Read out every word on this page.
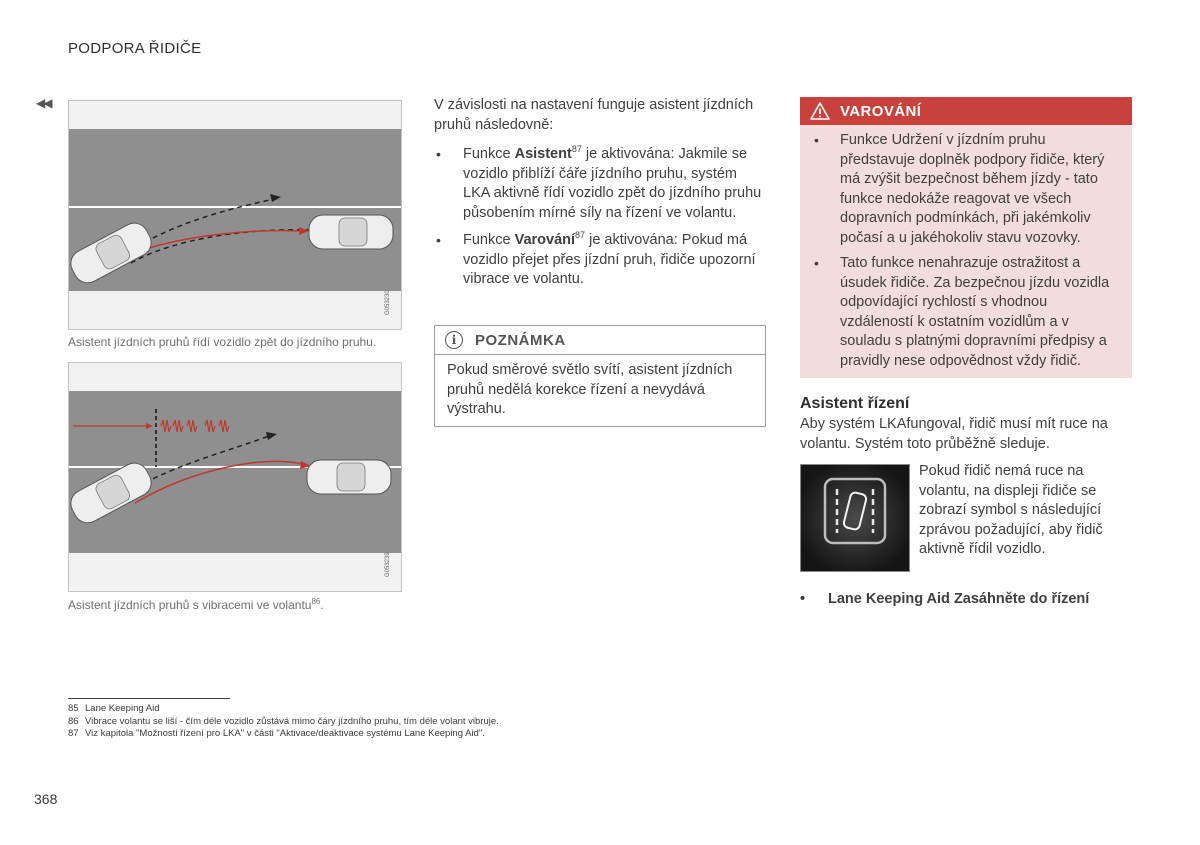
◀◀
PODPORA ŘIDIČE
G053230
Asistent jízdních pruhů řídí vozidlo zpět do jízdního pruhu.
G053239
Asistent jízdních pruhů s vibracemi ve volantu$^{86}$.

V závislosti na nastavení funguje asistent jízdních pruhů následovně:

• Funkce Asistent$^{87}$ je aktivována: Jakmile se vozidlo přiblíží čáře jízdního pruhu, systém LKA aktivně řídí vozidlo zpět do jízdního pruhu působením mírné síly na řízení ve volantu.
• Funkce Varování$^{87}$ je aktivována: Pokud má vozidlo přejet přes jízdní pruh, řidiče upozorní vibrace ve volantu.
i	POZNÁMKA
Pokud směrové světlo svítí, asistent jízdních pruhů nedělá korekce řízení a nevydává výstrahu.
VAROVÁNÍ
• Funkce Udržení v jízdním pruhu představuje doplněk podpory řidiče, který má zvýšit bezpečnost během jízdy - tato funkce nedokáže reagovat ve všech dopravních podmínkách, při jakémkoliv počasí a u jakéhokoliv stavu vozovky.
• Tato funkce nenahrazuje ostražitost a úsudek řidiče. Za bezpečnou jízdu vozidla odpovídající rychlostí s vhodnou vzdáleností k ostatním vozidlům a v souladu s platnými dopravními předpisy a pravidly nese odpovědnost vždy řidič.
Asistent řízení
Aby systém LKAfungoval, řidič musí mít ruce na volantu. Systém toto průběžně sleduje.
Pokud řidič nemá ruce na volantu, na displeji řidiče se zobrazí symbol s následující zprávou požadující, aby řidič aktivně řídil vozidlo.
• Lane Keeping Aid Zasáhněte do řízení
85 Lane Keeping Aid
86 Vibrace volantu se liší - čím déle vozidlo zůstává mimo čáry jízdního pruhu, tím déle volant vibruje.
87 Viz kapitola "Možnosti řízení pro LKA" v části "Aktivace/deaktivace systému Lane Keeping Aid".
368
